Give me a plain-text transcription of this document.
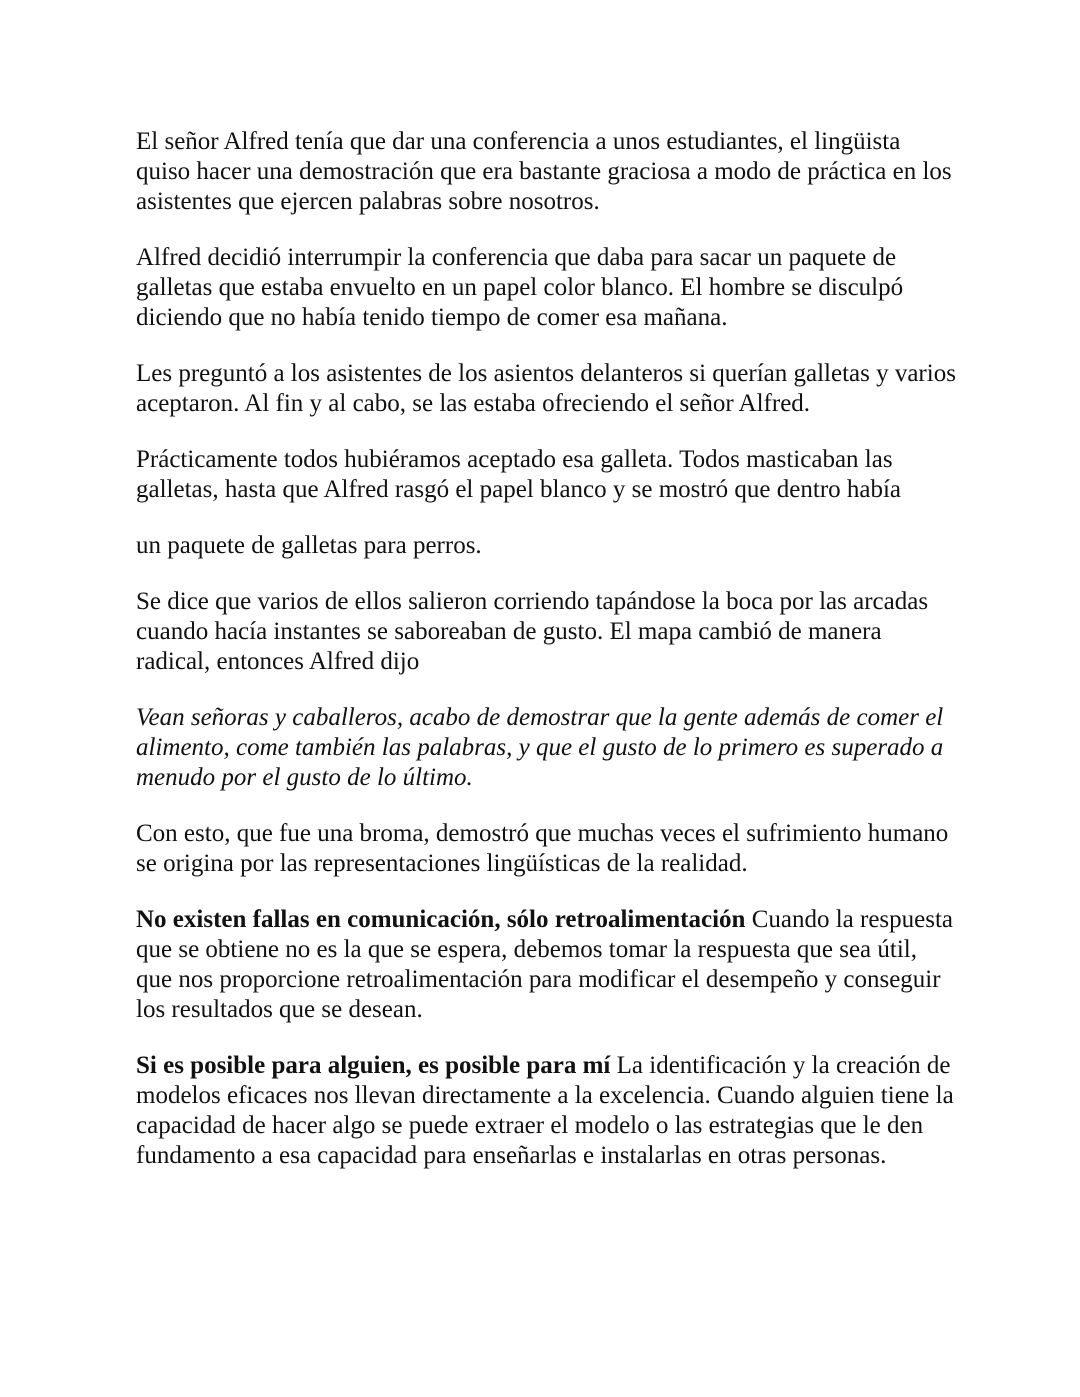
El señor Alfred tenía que dar una conferencia a unos estudiantes, el lingüista quiso hacer una demostración que era bastante graciosa a modo de práctica en los asistentes que ejercen palabras sobre nosotros.

Alfred decidió interrumpir la conferencia que daba para sacar un paquete de galletas que estaba envuelto en un papel color blanco. El hombre se disculpó diciendo que no había tenido tiempo de comer esa mañana.

Les preguntó a los asistentes de los asientos delanteros si querían galletas y varios aceptaron. Al fin y al cabo, se las estaba ofreciendo el señor Alfred.

Prácticamente todos hubiéramos aceptado esa galleta. Todos masticaban las galletas, hasta que Alfred rasgó el papel blanco y se mostró que dentro había

un paquete de galletas para perros.

Se dice que varios de ellos salieron corriendo tapándose la boca por las arcadas cuando hacía instantes se saboreaban de gusto. El mapa cambió de manera radical, entonces Alfred dijo

Vean señoras y caballeros, acabo de demostrar que la gente además de comer el alimento, come también las palabras, y que el gusto de lo primero es superado a menudo por el gusto de lo último.

Con esto, que fue una broma, demostró que muchas veces el sufrimiento humano se origina por las representaciones lingüísticas de la realidad.

No existen fallas en comunicación, sólo retroalimentación Cuando la respuesta que se obtiene no es la que se espera, debemos tomar la respuesta que sea útil, que nos proporcione retroalimentación para modificar el desempeño y conseguir los resultados que se desean.

Si es posible para alguien, es posible para mí La identificación y la creación de modelos eficaces nos llevan directamente a la excelencia. Cuando alguien tiene la capacidad de hacer algo se puede extraer el modelo o las estrategias que le den fundamento a esa capacidad para enseñarlas e instalarlas en otras personas.
